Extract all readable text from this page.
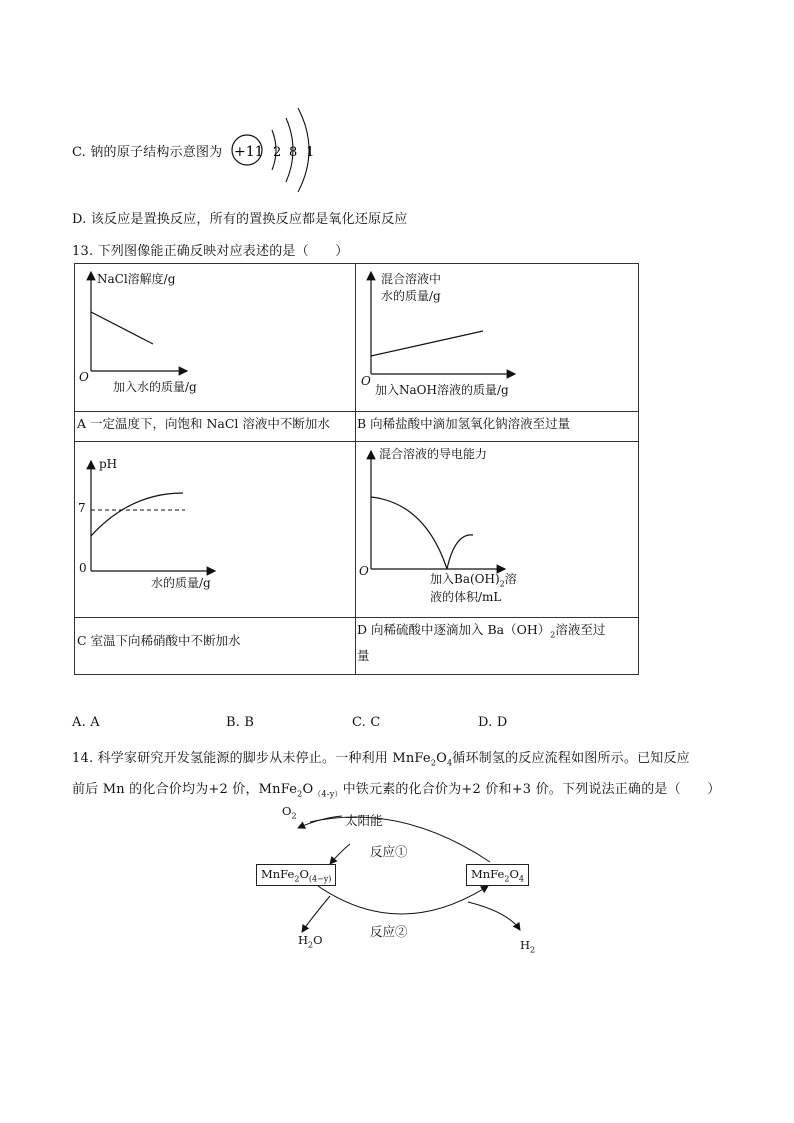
C. 钠的原子结构示意图为 +11 2 8 1
D. 该反应是置换反应，所有的置换反应都是氧化还原反应
13. 下列图像能正确反映对应表述的是（　　）
NaCl溶解度/g
O
加入水的质量/g
混合溶液中
水的质量/g
O
加入NaOH溶液的质量/g
A 一定温度下，向饱和 NaCl 溶液中不断加水 B 向稀盐酸中滴加氢氧化钠溶液至过量
pH
7
0
水的质量/g
混合溶液的导电能力
O
加入$Ba(OH)_2$溶
液的体积/mL
C 室温下向稀硝酸中不断加水
D 向稀硫酸中逐滴加入 $Ba(OH)_2$溶液至过
量
A. A	B. B	C. C	D. D
14. 科学家研究开发氢能源的脚步从未停止。一种利用 $MnFe_2O_4$循环制氢的反应流程如图所示。已知反应
前后 Mn 的化合价均为+2 价，$MnFe_2O_{(4-y)}$中铁元素的化合价为+2 价和+3 价。下列说法正确的是（　　）
$O_2$	太阳能
反应①
$MnFe_2O_{(4-y)}$	$MnFe_2O_4$
$H_2O$
反应②
$H_2$
